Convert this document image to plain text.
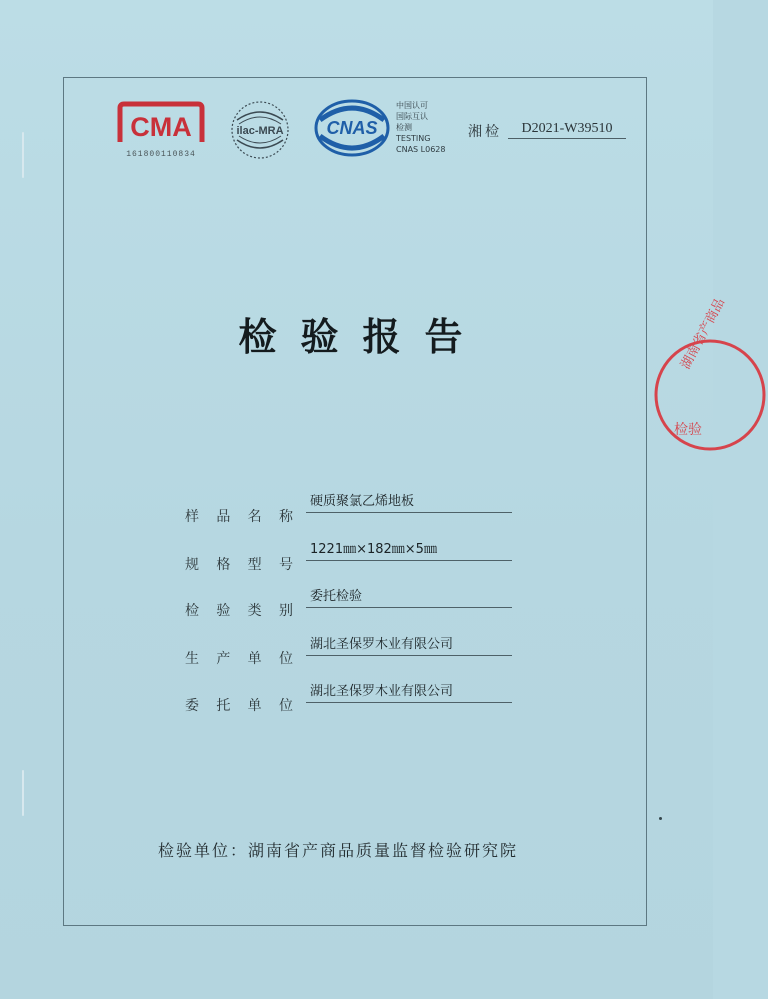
CMA
161800110834
ilac-MRA CNAS
中国认可
国际互认
检测
TESTING
CNAS L0628
湘检	D2021-W39510
检验报告
样 品 名 称
硬质聚氯乙烯地板
规 格 型 号
1221㎜×182㎜×5㎜
检 验 类 别
委托检验
生 产 单 位
湖北圣保罗木业有限公司
委 托 单 位
湖北圣保罗木业有限公司
检验单位：湖南省产商品质量监督检验研究院
湖南省产商品
检验
